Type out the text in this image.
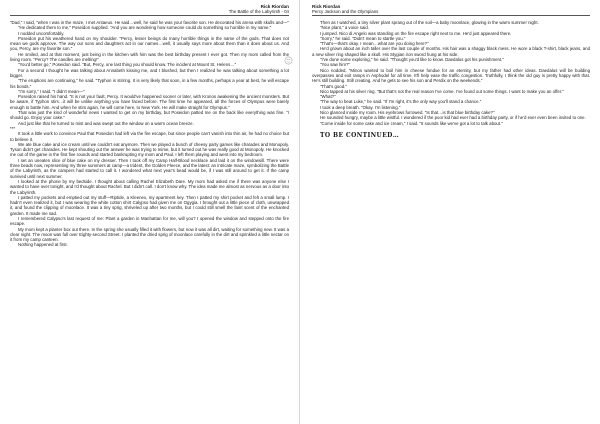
Rick Riordan
The Battle of the Labyrinth - 04

"Dad," I said, "when I was in the maze, I met Antaeus. He said…well, he said he was your favorite son. He decorated his arena with skulls and—"

"He dedicated them to me," Poseidon supplied. "And you are wondering how someone could do something so horrible in my name."

I nodded uncomfortably.

Poseidon put his weathered hand on my shoulder. "Percy, lesser beings do many horrible things in the name of the gods. That does not mean we gods approve. The way our sons and daughters act in our names…well, it usually says more about them than it does about us. And you, Percy, are my favorite son."

He smiled, and at that moment, just being in the kitchen with him was the best birthday present I ever got. Then my mom called from the living room. "Percy? The candles are melting!"

"You'd better go," Poseidon said. "But, Percy, one last thing you should know. The incident at Mount St. Helens…"

For a second I thought he was talking about Annabeth kissing me, and I blushed, but then I realized he was talking about something a lot bigger.

"The eruptions are continuing," he said. "Typhon is stirring. It is very likely that soon, in a few months, perhaps a year at best, he will escape his bonds."

"I'm sorry," I said. "I didn't mean—"

Poseidon raised his hand. "It is not your fault, Percy. It would've happened sooner or later, with Kronos awakening the ancient monsters. But be aware, if Typhon stirs…it will be unlike anything you have faced before. The first time he appeared, all the forces of Olympus were barely enough to battle him. And when he stirs again, he will come here, to New York. He will make straight for Olympus."

That was just the kind of wonderful news I wanted to get on my birthday, but Poseidon patted me on the back like everything was fine. "I should go. Enjoy your cake."

And just like that he turned to mist and was swept out the window on a warm ocean breeze.

***

It took a little work to convince Paul that Poseidon had left via the fire escape, but since people can't vanish into thin air, he had no choice but to believe it.

We ate blue cake and ice cream until we couldn't eat anymore. Then we played a bunch of cheesy party games like charades and Monopoly. Tyson didn't get charades. He kept shouting out the answer he was trying to mime, but it turned out he was really good at Monopoly. He knocked me out of the game in the first five rounds and started bankrupting my mom and Paul. I left them playing and went into my bedroom.

I set an uneaten slice of blue cake on my dresser. Then I took off my Camp Half-Blood necklace and laid it on the windowsill. There were three beads now, representing my three summers at camp—a trident, the Golden Fleece, and the latest: an intricate maze, symbolizing the Battle of the Labyrinth, as the campers had started to call it. I wondered what next year's bead would be, if I was still around to get it. If the camp survived until next summer.

I looked at the phone by my bedside. I thought about calling Rachel Elizabeth Dare. My mom had asked me if there was anyone else I wanted to have over tonight, and I'd thought about Rachel. But I didn't call. I don't know why. The idea made me almost as nervous as a door into the Labyrinth.

I patted my pockets and emptied out my stuff—Riptide, a Kleenex, my apartment key. Then I patted my shirt pocket and felt a small lump. I hadn't even realized it, but I was wearing the white cotton shirt Calypso had given me on Ogygia. I brought out a little piece of cloth, unwrapped it, and found the clipping of moonlace. It was a tiny sprig, shriveled up after two months, but I could still smell the faint scent of the enchanted garden. It made me sad.

I remembered Calypso's last request of me: Plant a garden in Manhattan for me, will you? I opened the window and stepped onto the fire escape.

My mom kept a planter box out there. In the spring she usually filled it with flowers, but now it was all dirt, waiting for something new. It was a clear night. The moon was full over Eighty-second Street. I planted the dried sprig of moonlace carefully in the dirt and sprinkled a little nectar on it from my camp canteen.

Nothing happened at first.

Rick Riordan
Percy Jackson and the Olympians

Then as I watched, a tiny silver plant sprang out of the soil—a baby moonlace, glowing in the warm summer night.

"Nice plant," a voice said.

I jumped. Nico di Angelo was standing on the fire escape right next to me. He'd just appeared there.

"Sorry," he said. "Didn't mean to startle you."

"That's—that's okay. I mean…what are you doing here?"

He'd grown about an inch taller over the last couple of months. His hair was a shaggy black mess. He wore a black T-shirt, black jeans, and a new silver ring shaped like a skull. His Stygian iron sword hung at his side.

"I've done some exploring," he said. "Thought you'd like to know. Daedalus got his punishment."

"You saw him?"

Nico nodded. "Minos wanted to boil him in cheese fondue for an eternity, but my father had other ideas. Daedalus will be building overpasses and exit ramps in Asphodel for all time. It'll help ease the traffic congestion. Truthfully, I think the old guy is pretty happy with that. He's still building. Still creating. And he gets to see his son and Perdix on the weekends."

"That's good."

Nico tapped at his silver ring. "But that's not the real reason I've come. I've found out some things. I want to make you an offer."

"What?"

"The way to beat Luke," he said. "If I'm right, it's the only way you'll stand a chance."

I took a deep breath. "Okay. I'm listening."

Nico glanced inside my room. His eyebrows furrowed. "Is that…is that blue birthday cake?"

He sounded hungry, maybe a little wistful. I wondered if the poor kid had ever had a birthday party, or if he'd ever even been invited to one.

"Come inside for some cake and ice cream," I said. "It sounds like we've got a lot to talk about."

TO BE CONTINUED…
